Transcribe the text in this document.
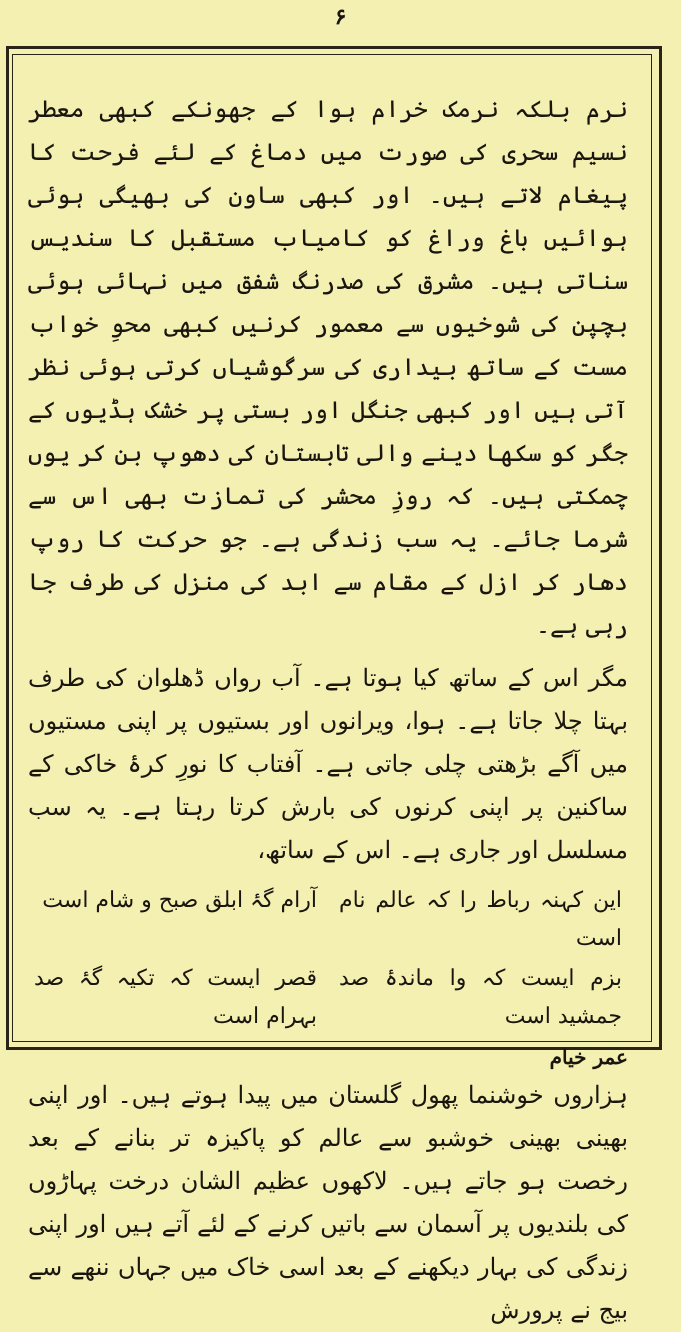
۶

نرم بلکہ نرمک خرام ہوا کے جھونکے کبھی معطر نسیم سحری کی صورت میں دماغ کے لئے فرحت کا پیغام لاتے ہیں۔ اور کبھی ساون کی بھیگی ہوئی ہوائیں باغ وراغ کو کامیاب مستقبل کا سندیس سناتی ہیں۔ مشرق کی صدرنگ شفق میں نہائی ہوئی بچپن کی شوخیوں سے معمور کرنیں کبھی محوِ خواب مست کے ساتھ بیداری کی سرگوشیاں کرتی ہوئی نظر آتی ہیں اور کبھی جنگل اور بستی پر خشک ہڈیوں کے جگر کو سکھا دینے والی تابستان کی دھوپ بن کر یوں چمکتی ہیں۔ کہ روزِ محشر کی تمازت بھی اس سے شرما جائے۔ یہ سب زندگی ہے۔ جو حرکت کا روپ دھار کر ازل کے مقام سے ابد کی منزل کی طرف جا رہی ہے۔

مگر اس کے ساتھ کیا ہوتا ہے۔ آب رواں ڈھلوان کی طرف بہتا چلا جاتا ہے۔ ہوا، ویرانوں اور بستیوں پر اپنی مستیوں میں آگے بڑھتی چلی جاتی ہے۔ آفتاب کا نورِ کرۂ خاکی کے ساکنین پر اپنی کرنوں کی بارش کرتا رہتا ہے۔ یہ سب مسلسل اور جاری ہے۔ اس کے ساتھ،

این کہنہ رباط را کہ عالم نام است
آرام گۂ ابلق صبح و شام است
بزم ایست کہ وا ماندۂ صد جمشید است
قصر ایست کہ تکیہ گۂ صد بہرام است
عمر خیام

ہزاروں خوشنما پھول گلستان میں پیدا ہوتے ہیں۔ اور اپنی بھینی بھینی خوشبو سے عالم کو پاکیزہ تر بنانے کے بعد رخصت ہو جاتے ہیں۔ لاکھوں عظیم الشان درخت پہاڑوں کی بلندیوں پر آسمان سے باتیں کرنے کے لئے آتے ہیں اور اپنی زندگی کی بہار دیکھنے کے بعد اسی خاک میں جہاں ننھے سے بیج نے پرورش
